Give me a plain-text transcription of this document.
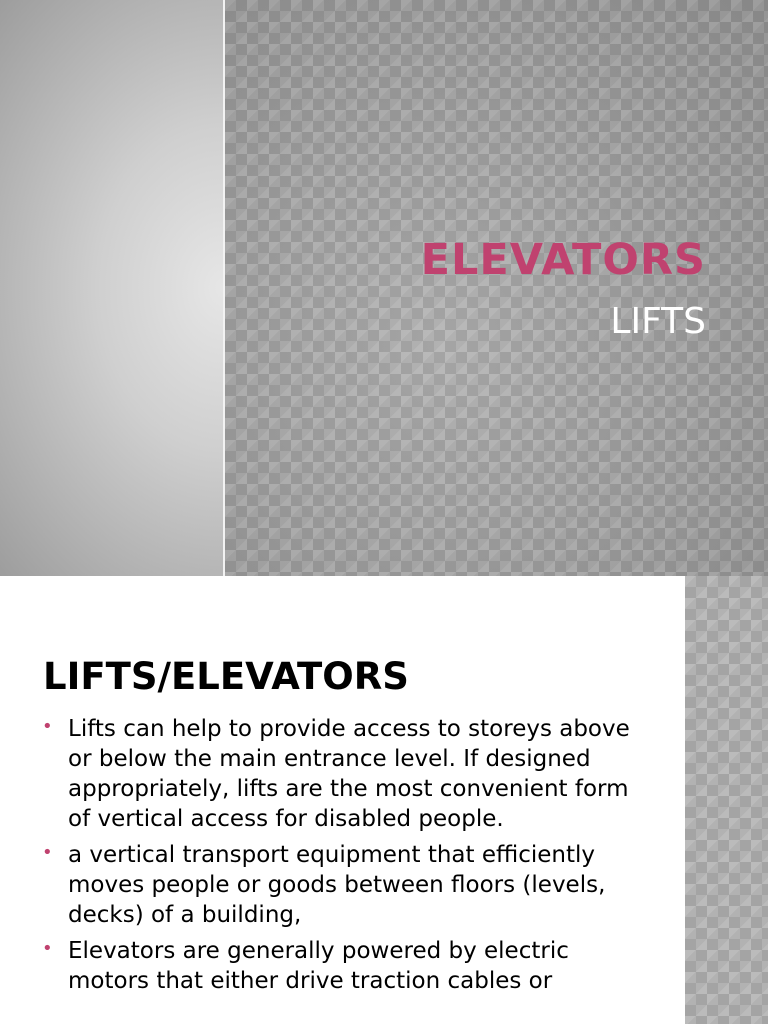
ELEVATORS

LIFTS

LIFTS/ELEVATORS
• Lifts can help to provide access to storeys above or below the main entrance level. If designed appropriately, lifts are the most convenient form of vertical access for disabled people.
• a vertical transport equipment that efficiently moves people or goods between floors (levels, decks) of a building,
• Elevators are generally powered by electric motors that either drive traction cables or
